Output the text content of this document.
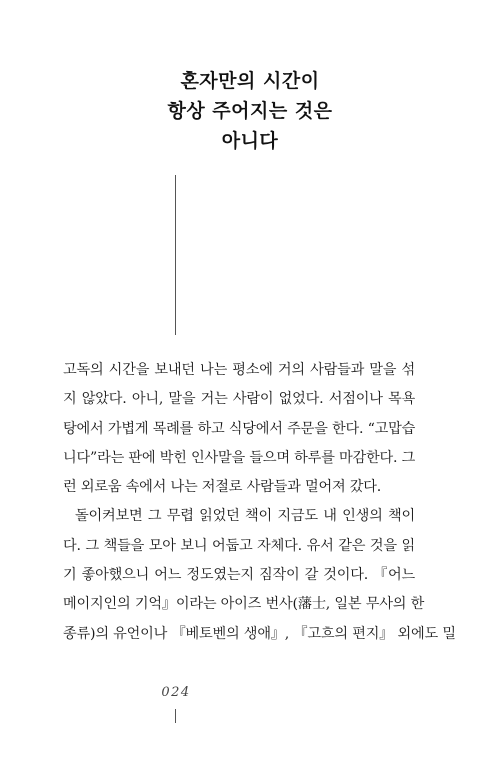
혼자만의 시간이
항상 주어지는 것은
아니다
고독의 시간을 보내던 나는 평소에 거의 사람들과 말을 섞
지 않았다. 아니, 말을 거는 사람이 없었다. 서점이나 목욕
탕에서 가볍게 목례를 하고 식당에서 주문을 한다. “고맙습
니다”라는 판에 박힌 인사말을 들으며 하루를 마감한다. 그
런 외로움 속에서 나는 저절로 사람들과 멀어져 갔다.
돌이켜보면 그 무렵 읽었던 책이 지금도 내 인생의 책이
다. 그 책들을 모아 보니 어둡고 자체다. 유서 같은 것을 읽
기 좋아했으니 어느 정도였는지 짐작이 갈 것이다. 『어느
메이지인의 기억』이라는 아이즈 번사(藩士, 일본 무사의 한
종류)의 유언이나 『베토벤의 생애』, 『고흐의 편지』 외에도 밀
024
